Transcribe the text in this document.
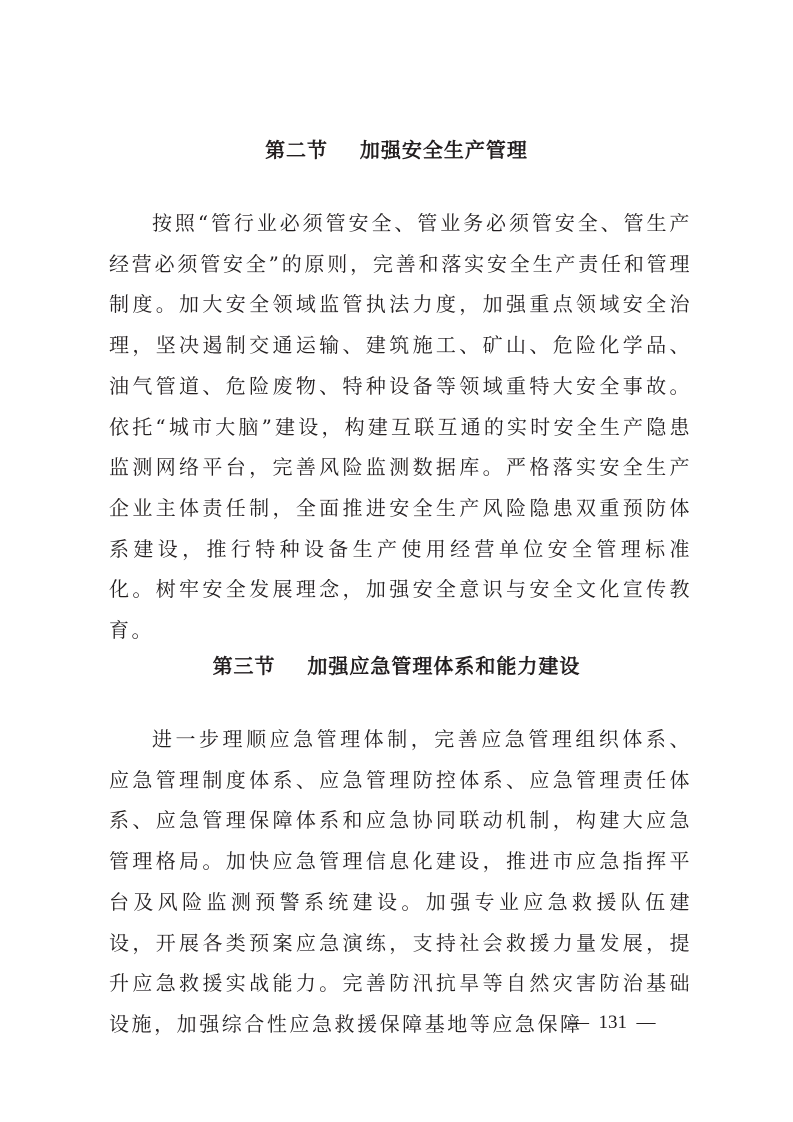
第二节    加强安全生产管理

按照“管行业必须管安全、管业务必须管安全、管生产经营必须管安全”的原则，完善和落实安全生产责任和管理制度。加大安全领域监管执法力度，加强重点领域安全治理，坚决遏制交通运输、建筑施工、矿山、危险化学品、油气管道、危险废物、特种设备等领域重特大安全事故。依托“城市大脑”建设，构建互联互通的实时安全生产隐患监测网络平台，完善风险监测数据库。严格落实安全生产企业主体责任制，全面推进安全生产风险隐患双重预防体系建设，推行特种设备生产使用经营单位安全管理标准化。树牢安全发展理念，加强安全意识与安全文化宣传教育。

第三节    加强应急管理体系和能力建设

进一步理顺应急管理体制，完善应急管理组织体系、应急管理制度体系、应急管理防控体系、应急管理责任体系、应急管理保障体系和应急协同联动机制，构建大应急管理格局。加快应急管理信息化建设，推进市应急指挥平台及风险监测预警系统建设。加强专业应急救援队伍建设，开展各类预案应急演练，支持社会救援力量发展，提升应急救援实战能力。完善防汛抗旱等自然灾害防治基础设施，加强综合性应急救援保障基地等应急保障

—  131  —
